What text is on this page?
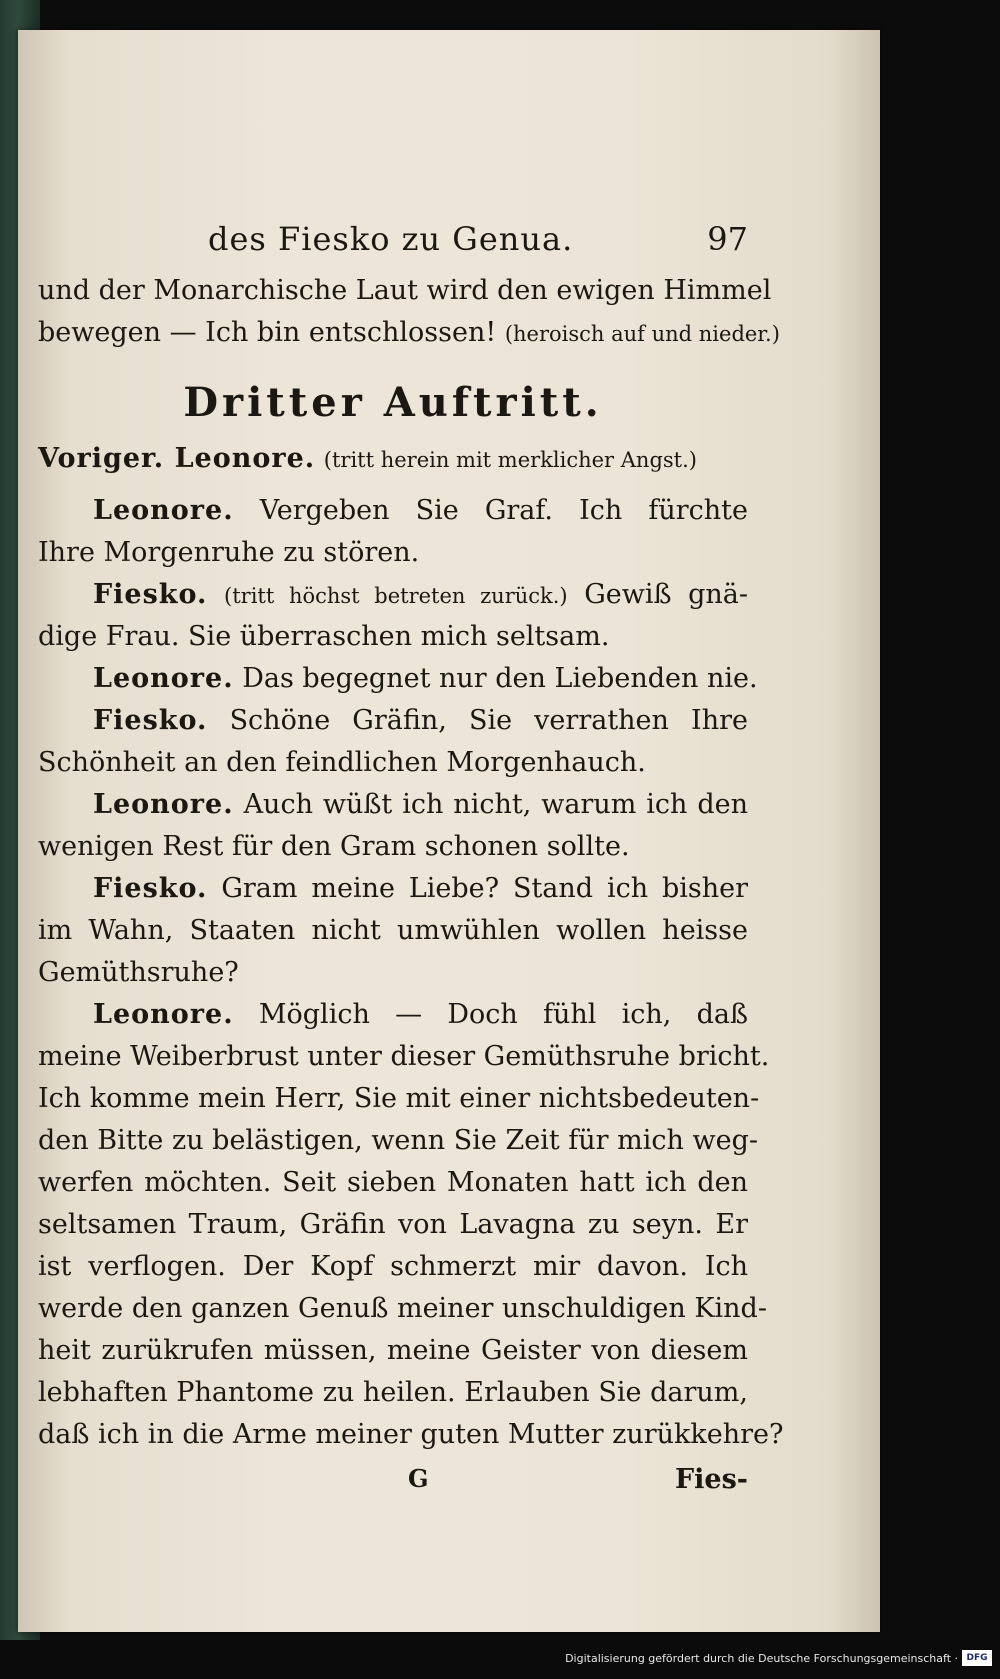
des Fiesko zu Genua.	97
und der Monarchische Laut wird den ewigen Himmel
bewegen — Ich bin entschlossen! (heroisch auf und nieder.)
Dritter Auftritt.
Voriger. Leonore. (tritt herein mit merklicher Angst.)
Leonore. Vergeben Sie Graf. Ich fürchte
Ihre Morgenruhe zu stören.
Fiesko. (tritt höchst betreten zurück.) Gewiß gnä-
dige Frau. Sie überraschen mich seltsam.
Leonore. Das begegnet nur den Liebenden nie.
Fiesko. Schöne Gräfin, Sie verrathen Ihre
Schönheit an den feindlichen Morgenhauch.
Leonore. Auch wüßt ich nicht, warum ich den
wenigen Rest für den Gram schonen sollte.
Fiesko. Gram meine Liebe? Stand ich bisher
im Wahn, Staaten nicht umwühlen wollen heisse
Gemüthsruhe?
Leonore. Möglich — Doch fühl ich, daß
meine Weiberbrust unter dieser Gemüthsruhe bricht.
Ich komme mein Herr, Sie mit einer nichtsbedeuten-
den Bitte zu belästigen, wenn Sie Zeit für mich weg-
werfen möchten. Seit sieben Monaten hatt ich den
seltsamen Traum, Gräfin von Lavagna zu seyn. Er
ist verflogen. Der Kopf schmerzt mir davon. Ich
werde den ganzen Genuß meiner unschuldigen Kind-
heit zurükrufen müssen, meine Geister von diesem
lebhaften Phantome zu heilen. Erlauben Sie darum,
daß ich in die Arme meiner guten Mutter zurükkehre?
G	Fies-
Digitalisierung gefördert durch die Deutsche Forschungsgemeinschaft · DFG
